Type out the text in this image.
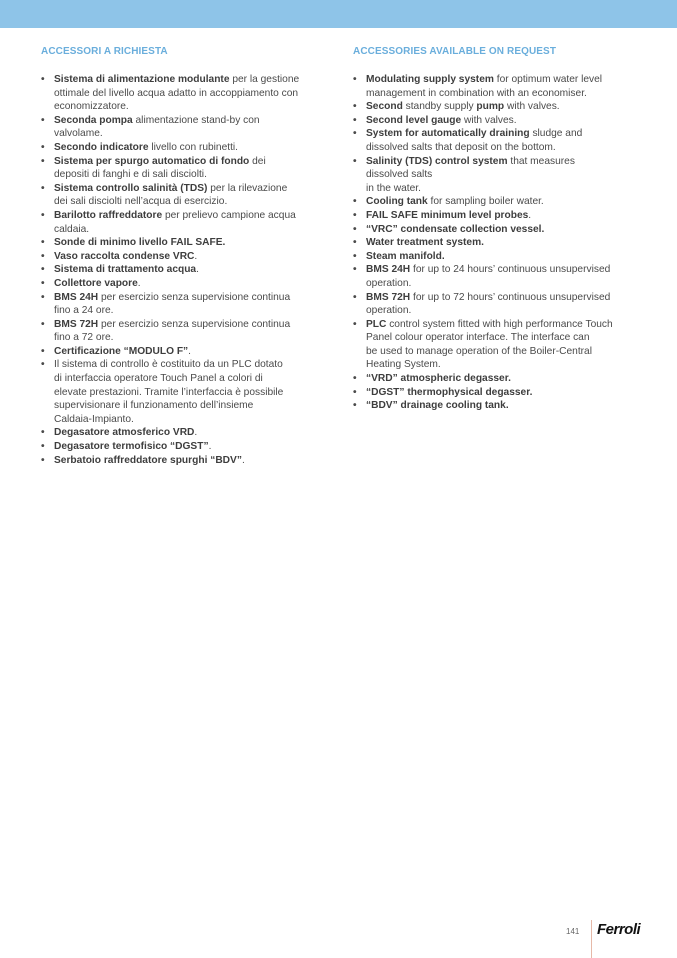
ACCESSORI A RICHIESTA
• Sistema di alimentazione modulante per la gestione
ottimale del livello acqua adatto in accoppiamento con
economizzatore.
• Seconda pompa alimentazione stand-by con
valvolame.
• Secondo indicatore livello con rubinetti.
• Sistema per spurgo automatico di fondo dei
depositi di fanghi e di sali disciolti.
• Sistema controllo salinità (TDS) per la rilevazione
dei sali disciolti nell’acqua di esercizio.
• Barilotto raffreddatore per prelievo campione acqua
caldaia.
• Sonde di minimo livello FAIL SAFE.
• Vaso raccolta condense VRC.
• Sistema di trattamento acqua.
• Collettore vapore.
• BMS 24H per esercizio senza supervisione continua
fino a 24 ore.
• BMS 72H per esercizio senza supervisione continua
fino a 72 ore.
• Certificazione “MODULO F”.
• Il sistema di controllo è costituito da un PLC dotato
di interfaccia operatore Touch Panel a colori di
elevate prestazioni. Tramite l’interfaccia è possibile
supervisionare il funzionamento dell’insieme
Caldaia-Impianto.
• Degasatore atmosferico VRD.
• Degasatore termofisico “DGST”.
• Serbatoio raffreddatore spurghi “BDV”.
ACCESSORIES AVAILABLE ON REQUEST
• Modulating supply system for optimum water level
management in combination with an economiser.
• Second standby supply pump with valves.
• Second level gauge with valves.
• System for automatically draining sludge and
dissolved salts that deposit on the bottom.
• Salinity (TDS) control system that measures
dissolved salts
in the water.
• Cooling tank for sampling boiler water.
• FAIL SAFE minimum level probes.
• “VRC” condensate collection vessel.
• Water treatment system.
• Steam manifold.
• BMS 24H for up to 24 hours’ continuous unsupervised
operation.
• BMS 72H for up to 72 hours’ continuous unsupervised
operation.
• PLC control system fitted with high performance Touch
Panel colour operator interface. The interface can
be used to manage operation of the Boiler-Central
Heating System.
• “VRD” atmospheric degasser.
• “DGST” thermophysical degasser.
• “BDV” drainage cooling tank.
141 Ferroli
